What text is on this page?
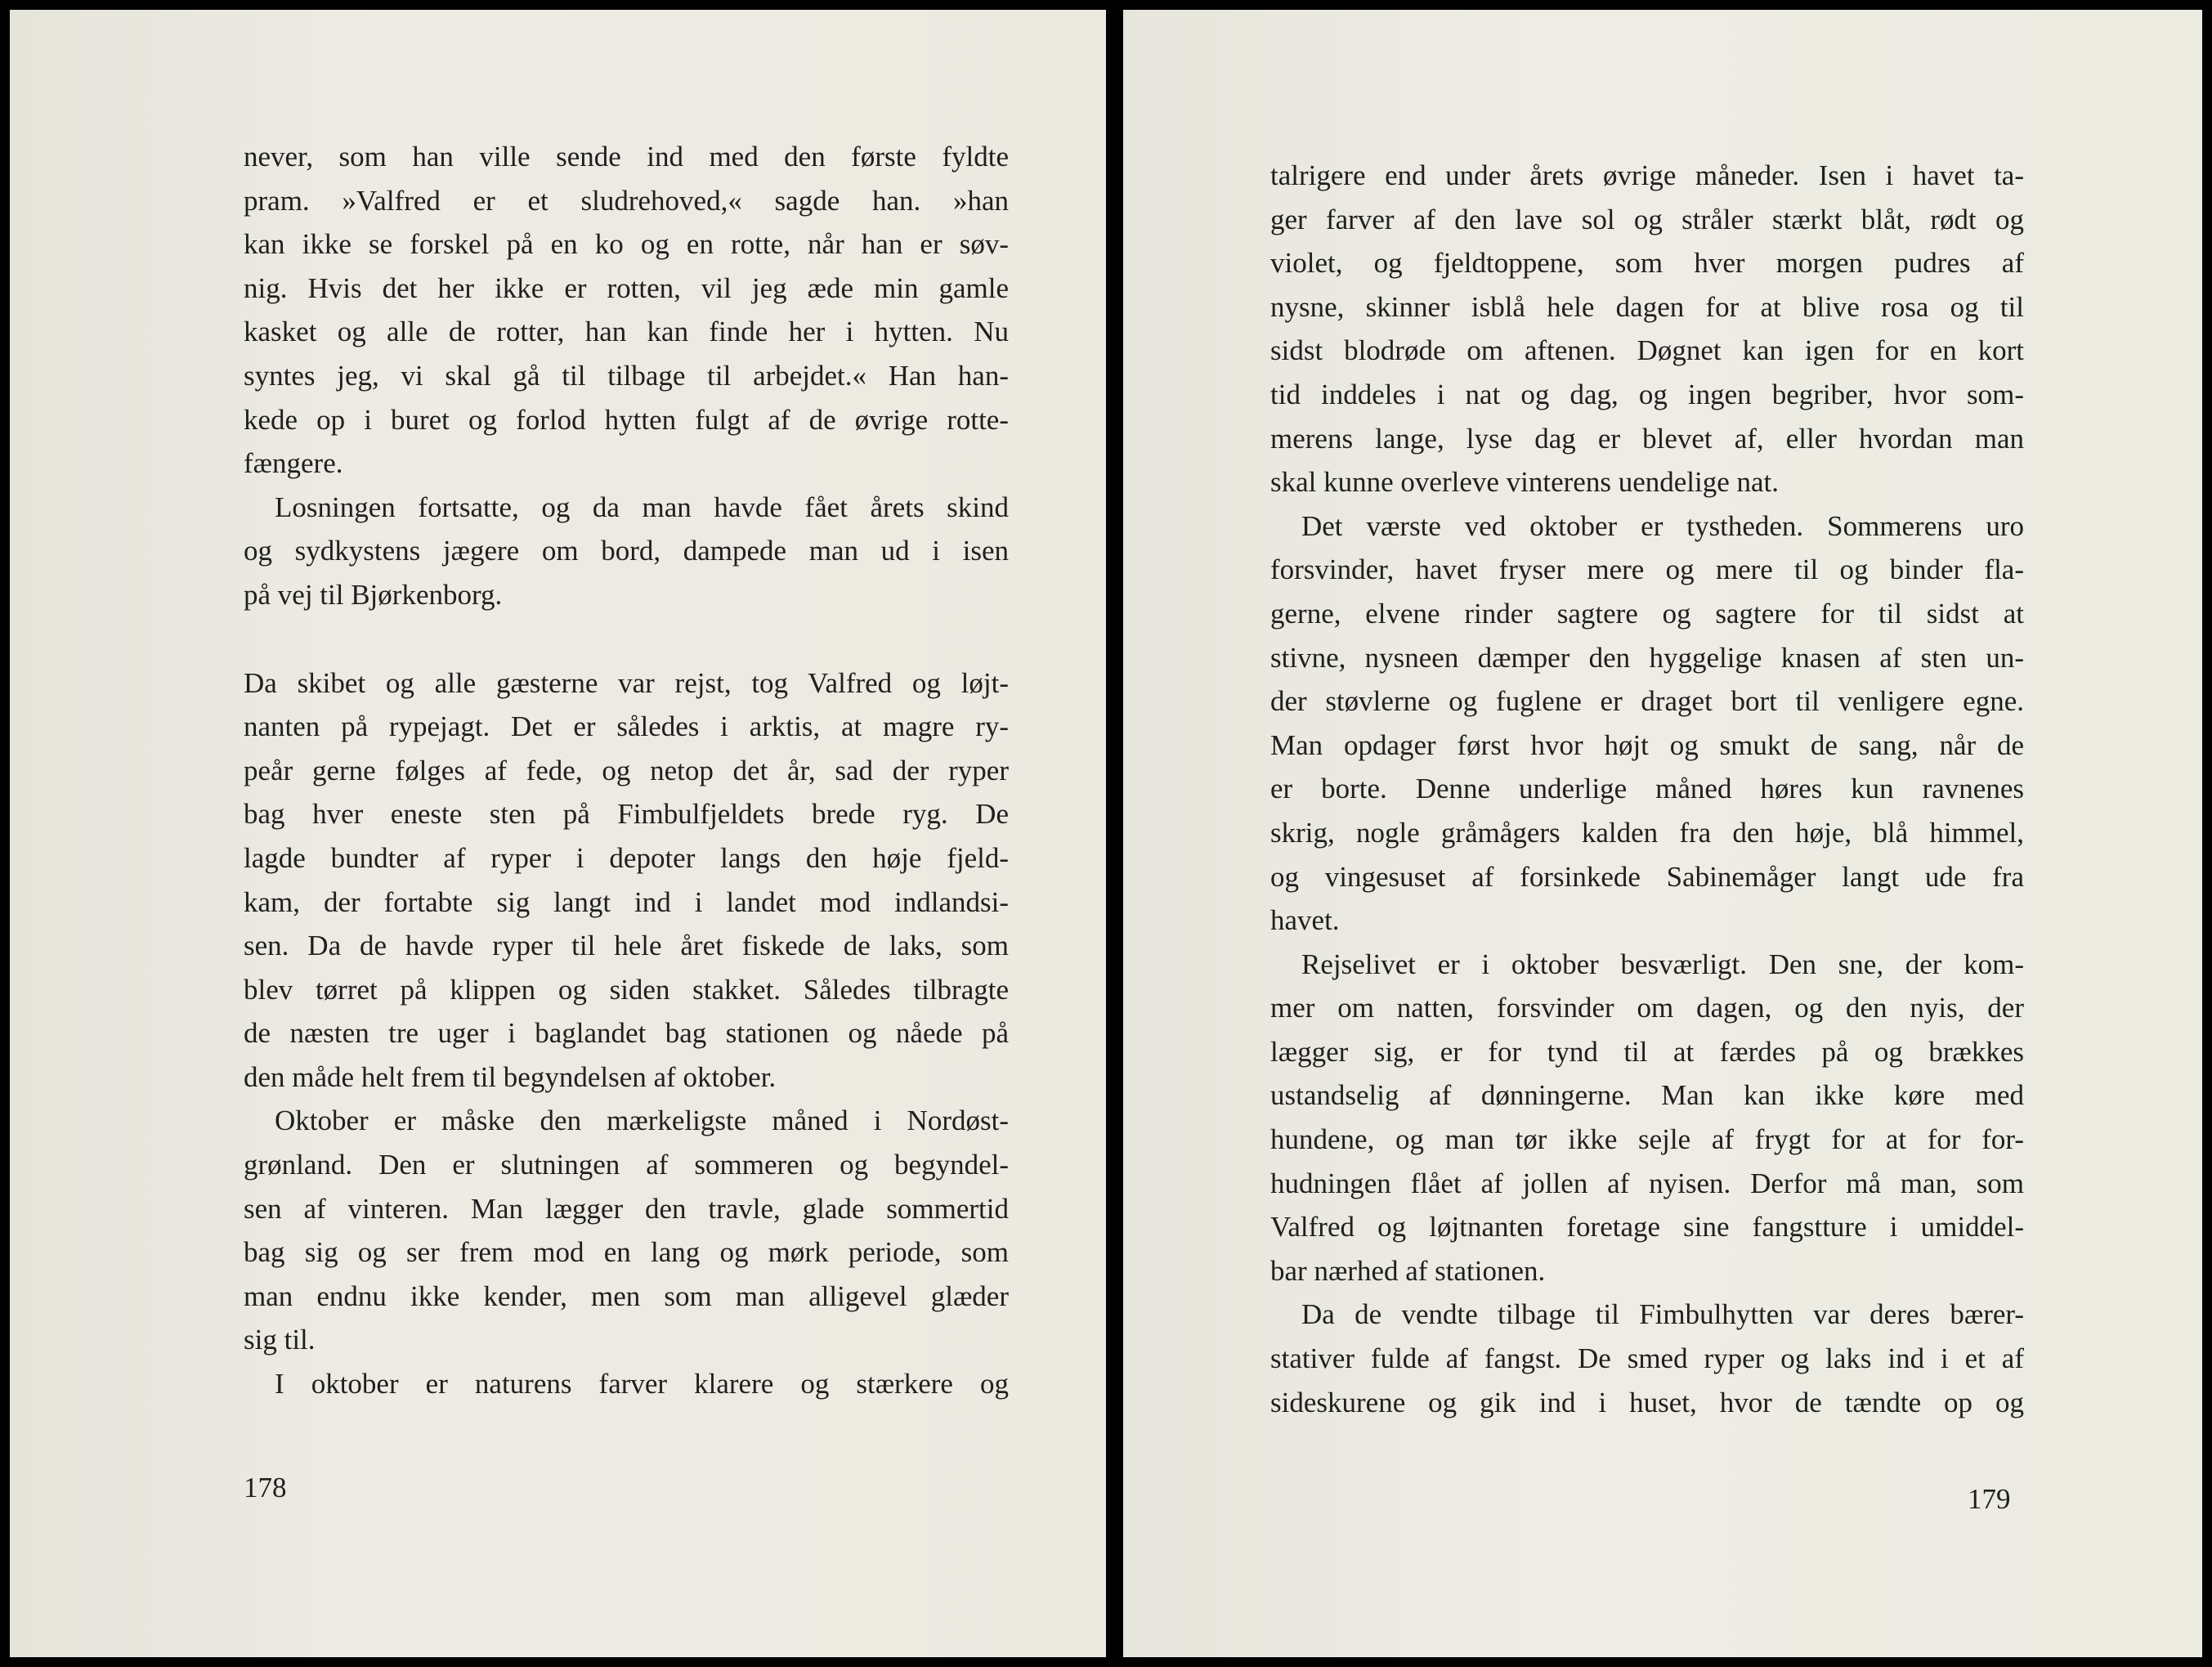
never, som han ville sende ind med den første fyldte
pram. »Valfred er et sludrehoved,« sagde han. »han
kan ikke se forskel på en ko og en rotte, når han er søv-
nig. Hvis det her ikke er rotten, vil jeg æde min gamle
kasket og alle de rotter, han kan finde her i hytten. Nu
syntes jeg, vi skal gå til tilbage til arbejdet.« Han han-
kede op i buret og forlod hytten fulgt af de øvrige rotte-
fængere.
Losningen fortsatte, og da man havde fået årets skind
og sydkystens jægere om bord, dampede man ud i isen
på vej til Bjørkenborg.
Da skibet og alle gæsterne var rejst, tog Valfred og løjt-
nanten på rypejagt. Det er således i arktis, at magre ry-
peår gerne følges af fede, og netop det år, sad der ryper
bag hver eneste sten på Fimbulfjeldets brede ryg. De
lagde bundter af ryper i depoter langs den høje fjeld-
kam, der fortabte sig langt ind i landet mod indlandsi-
sen. Da de havde ryper til hele året fiskede de laks, som
blev tørret på klippen og siden stakket. Således tilbragte
de næsten tre uger i baglandet bag stationen og nåede på
den måde helt frem til begyndelsen af oktober.
Oktober er måske den mærkeligste måned i Nordøst-
grønland. Den er slutningen af sommeren og begyndel-
sen af vinteren. Man lægger den travle, glade sommertid
bag sig og ser frem mod en lang og mørk periode, som
man endnu ikke kender, men som man alligevel glæder
sig til.
I oktober er naturens farver klarere og stærkere og
178
talrigere end under årets øvrige måneder. Isen i havet ta-
ger farver af den lave sol og stråler stærkt blåt, rødt og
violet, og fjeldtoppene, som hver morgen pudres af
nysne, skinner isblå hele dagen for at blive rosa og til
sidst blodrøde om aftenen. Døgnet kan igen for en kort
tid inddeles i nat og dag, og ingen begriber, hvor som-
merens lange, lyse dag er blevet af, eller hvordan man
skal kunne overleve vinterens uendelige nat.
Det værste ved oktober er tystheden. Sommerens uro
forsvinder, havet fryser mere og mere til og binder fla-
gerne, elvene rinder sagtere og sagtere for til sidst at
stivne, nysneen dæmper den hyggelige knasen af sten un-
der støvlerne og fuglene er draget bort til venligere egne.
Man opdager først hvor højt og smukt de sang, når de
er borte. Denne underlige måned høres kun ravnenes
skrig, nogle gråmågers kalden fra den høje, blå himmel,
og vingesuset af forsinkede Sabinemåger langt ude fra
havet.
Rejselivet er i oktober besværligt. Den sne, der kom-
mer om natten, forsvinder om dagen, og den nyis, der
lægger sig, er for tynd til at færdes på og brækkes
ustandselig af dønningerne. Man kan ikke køre med
hundene, og man tør ikke sejle af frygt for at for for-
hudningen flået af jollen af nyisen. Derfor må man, som
Valfred og løjtnanten foretage sine fangstture i umiddel-
bar nærhed af stationen.
Da de vendte tilbage til Fimbulhytten var deres bærer-
stativer fulde af fangst. De smed ryper og laks ind i et af
sideskurene og gik ind i huset, hvor de tændte op og
179
